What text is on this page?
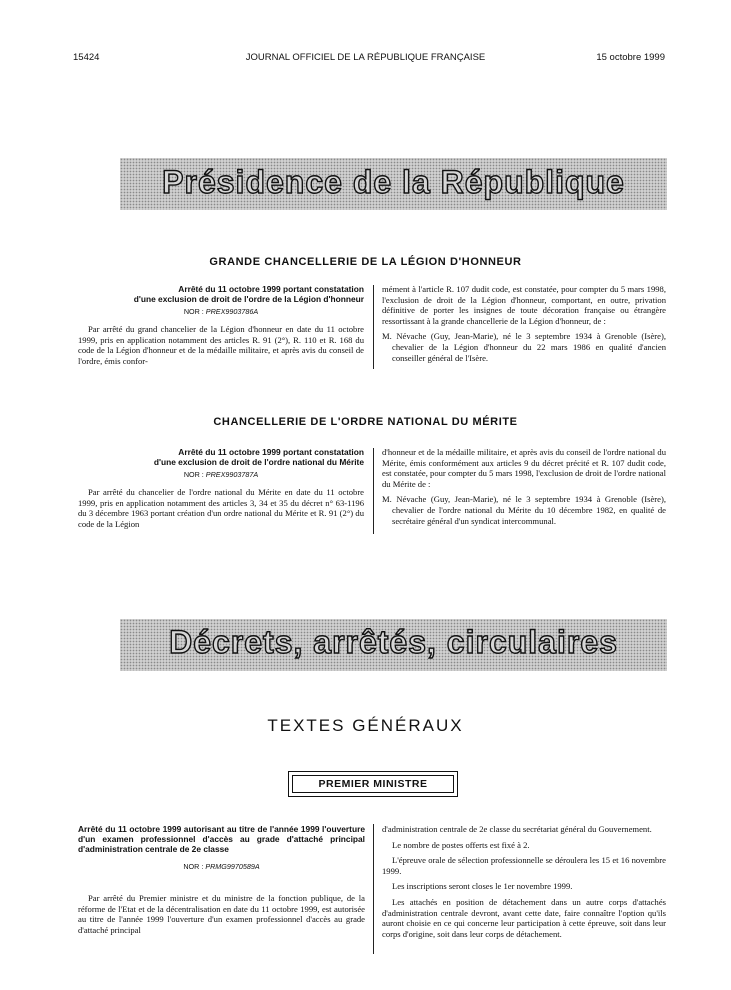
15424	JOURNAL OFFICIEL DE LA RÉPUBLIQUE FRANÇAISE	15 octobre 1999
Présidence de la République
GRANDE CHANCELLERIE DE LA LÉGION D'HONNEUR
Arrêté du 11 octobre 1999 portant constatation
d'une exclusion de droit de l'ordre de la Légion d'honneur
NOR : PREX9903786A

Par arrêté du grand chancelier de la Légion d'honneur en date du 11 octobre 1999, pris en application notamment des articles R. 91 (2°), R. 110 et R. 168 du code de la Légion d'honneur et de la médaille militaire, et après avis du conseil de l'ordre, émis confor-

mément à l'article R. 107 dudit code, est constatée, pour compter du 5 mars 1998, l'exclusion de droit de la Légion d'honneur, comportant, en outre, privation définitive de porter les insignes de toute décoration française ou étrangère ressortissant à la grande chancellerie de la Légion d'honneur, de :

M. Névache (Guy, Jean-Marie), né le 3 septembre 1934 à Grenoble (Isère), chevalier de la Légion d'honneur du 22 mars 1986 en qualité d'ancien conseiller général de l'Isère.

CHANCELLERIE DE L'ORDRE NATIONAL DU MÉRITE
Arrêté du 11 octobre 1999 portant constatation
d'une exclusion de droit de l'ordre national du Mérite
NOR : PREX9903787A

Par arrêté du chancelier de l'ordre national du Mérite en date du 11 octobre 1999, pris en application notamment des articles 3, 34 et 35 du décret n° 63-1196 du 3 décembre 1963 portant création d'un ordre national du Mérite et R. 91 (2°) du code de la Légion

d'honneur et de la médaille militaire, et après avis du conseil de l'ordre national du Mérite, émis conformément aux articles 9 du décret précité et R. 107 dudit code, est constatée, pour compter du 5 mars 1998, l'exclusion de droit de l'ordre national du Mérite de :

M. Névache (Guy, Jean-Marie), né le 3 septembre 1934 à Grenoble (Isère), chevalier de l'ordre national du Mérite du 10 décembre 1982, en qualité de secrétaire général d'un syndicat intercommunal.

Décrets, arrêtés, circulaires
TEXTES GÉNÉRAUX
PREMIER MINISTRE
Arrêté du 11 octobre 1999 autorisant au titre de l'année 1999 l'ouverture d'un examen professionnel d'accès au grade d'attaché principal d'administration centrale de 2e classe
NOR : PRMG9970589A

Par arrêté du Premier ministre et du ministre de la fonction publique, de la réforme de l'Etat et de la décentralisation en date du 11 octobre 1999, est autorisée au titre de l'année 1999 l'ouverture d'un examen professionnel d'accès au grade d'attaché principal

d'administration centrale de 2e classe du secrétariat général du Gouvernement.

Le nombre de postes offerts est fixé à 2.

L'épreuve orale de sélection professionnelle se déroulera les 15 et 16 novembre 1999.

Les inscriptions seront closes le 1er novembre 1999.

Les attachés en position de détachement dans un autre corps d'attachés d'administration centrale devront, avant cette date, faire connaître l'option qu'ils auront choisie en ce qui concerne leur participation à cette épreuve, soit dans leur corps d'origine, soit dans leur corps de détachement.
